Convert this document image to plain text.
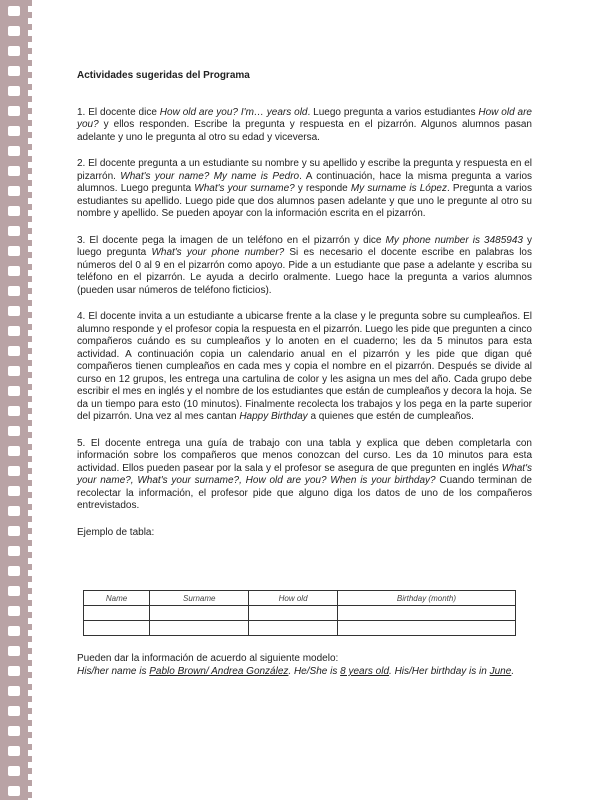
Actividades sugeridas del Programa

1. El docente dice How old are you? I'm… years old. Luego pregunta a varios estudiantes How old are you? y ellos responden. Escribe la pregunta y respuesta en el pizarrón. Algunos alumnos pasan adelante y uno le pregunta al otro su edad y viceversa.

2. El docente pregunta a un estudiante su nombre y su apellido y escribe la pregunta y respuesta en el pizarrón. What's your name? My name is Pedro. A continuación, hace la misma pregunta a varios alumnos. Luego pregunta What's your surname? y responde My surname is López. Pregunta a varios estudiantes su apellido. Luego pide que dos alumnos pasen adelante y que uno le pregunte al otro su nombre y apellido. Se pueden apoyar con la información escrita en el pizarrón.

3. El docente pega la imagen de un teléfono en el pizarrón y dice My phone number is 3485943 y luego pregunta What's your phone number? Si es necesario el docente escribe en palabras los números del 0 al 9 en el pizarrón como apoyo. Pide a un estudiante que pase a adelante y escriba su teléfono en el pizarrón. Le ayuda a decirlo oralmente. Luego hace la pregunta a varios alumnos (pueden usar números de teléfono ficticios).

4. El docente invita a un estudiante a ubicarse frente a la clase y le pregunta sobre su cumpleaños. El alumno responde y el profesor copia la respuesta en el pizarrón. Luego les pide que pregunten a cinco compañeros cuándo es su cumpleaños y lo anoten en el cuaderno; les da 5 minutos para esta actividad. A continuación copia un calendario anual en el pizarrón y les pide que digan qué compañeros tienen cumpleaños en cada mes y copia el nombre en el pizarrón. Después se divide al curso en 12 grupos, les entrega una cartulina de color y les asigna un mes del año. Cada grupo debe escribir el mes en inglés y el nombre de los estudiantes que están de cumpleaños y decora la hoja. Se da un tiempo para esto (10 minutos). Finalmente recolecta los trabajos y los pega en la parte superior del pizarrón. Una vez al mes cantan Happy Birthday a quienes que estén de cumpleaños.

5. El docente entrega una guía de trabajo con una tabla y explica que deben completarla con información sobre los compañeros que menos conozcan del curso. Les da 10 minutos para esta actividad. Ellos pueden pasear por la sala y el profesor se asegura de que pregunten en inglés What's your name?, What's your surname?, How old are you? When is your birthday? Cuando terminan de recolectar la información, el profesor pide que alguno diga los datos de uno de los compañeros entrevistados.

Ejemplo de tabla:
Name	Surname	How old	Birthday (month)

Pueden dar la información de acuerdo al siguiente modelo:
His/her name is Pablo Brown/ Andrea González. He/She is 8 years old. His/Her birthday is in June.
